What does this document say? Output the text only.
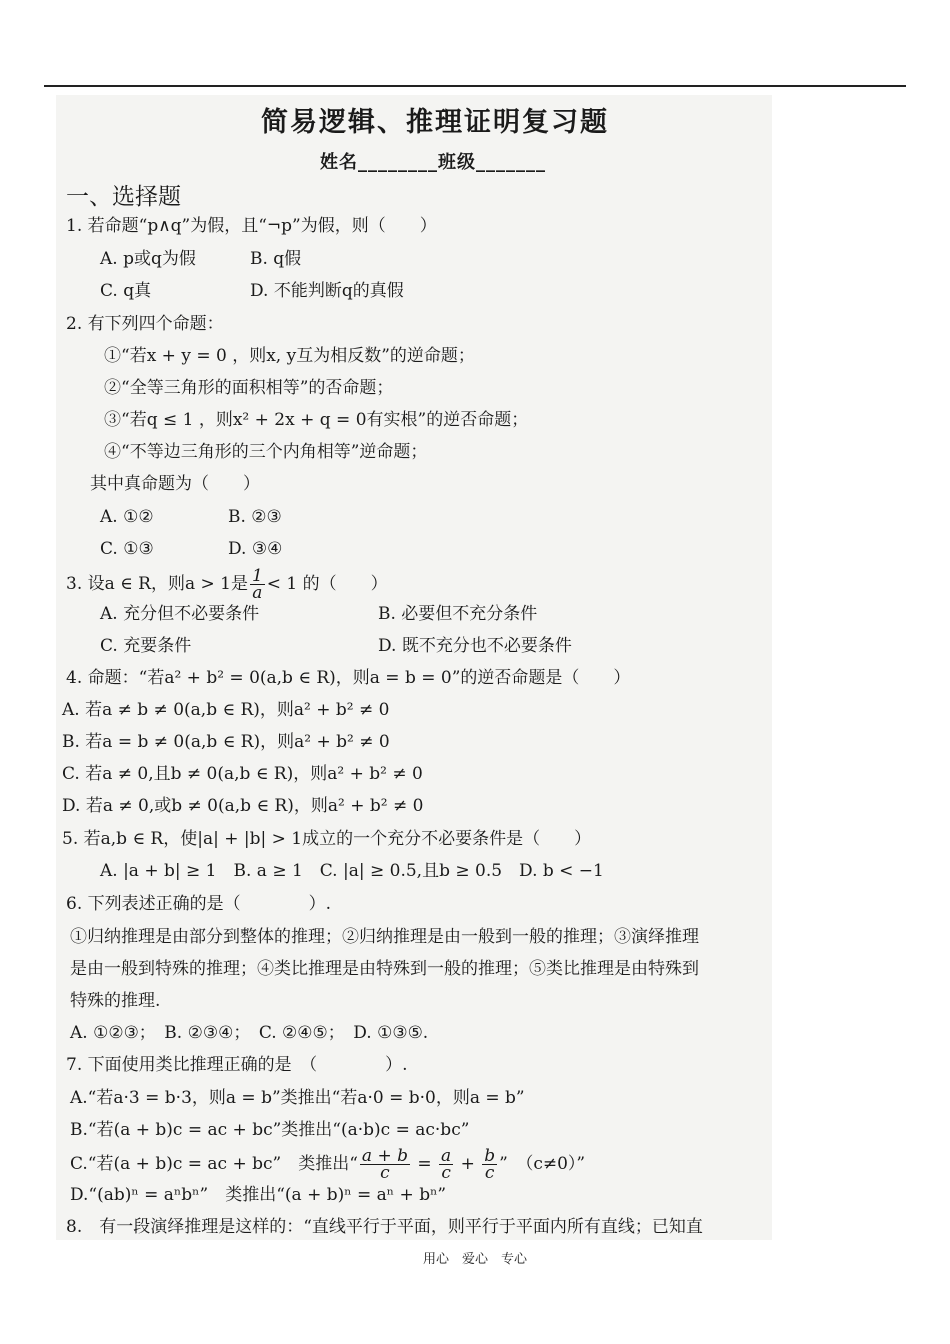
简易逻辑、推理证明复习题
姓名________班级_______
一、选择题
1. 若命题“p∧q”为假，且“¬p”为假，则（　　）
A. p或q为假	B. q假
C. q真	D. 不能判断q的真假
2. 有下列四个命题：
①“若x + y = 0 ，则x, y互为相反数”的逆命题；
②“全等三角形的面积相等”的否命题；
③“若q ≤ 1 ，则x² + 2x + q = 0有实根”的逆否命题；
④“不等边三角形的三个内角相等”逆命题；
其中真命题为（　　）
A. ①②	B. ②③
C. ①③	D. ③④
3. 设a ∈ R，则a > 1是 $\frac{1}{a} < 1$ 的（　　）
A. 充分但不必要条件	B. 必要但不充分条件
C. 充要条件	D. 既不充分也不必要条件
4. 命题：“若a² + b² = 0(a,b ∈ R)，则a = b = 0”的逆否命题是（　　）
A. 若a ≠ b ≠ 0(a,b ∈ R)，则a² + b² ≠ 0
B. 若a = b ≠ 0(a,b ∈ R)，则a² + b² ≠ 0
C. 若a ≠ 0,且b ≠ 0(a,b ∈ R)，则a² + b² ≠ 0
D. 若a ≠ 0,或b ≠ 0(a,b ∈ R)，则a² + b² ≠ 0
5. 若a,b ∈ R，使|a| + |b| > 1成立的一个充分不必要条件是（　　）
A. |a + b| ≥ 1　B. a ≥ 1　C. |a| ≥ 0.5,且b ≥ 0.5　D. b < −1
6. 下列表述正确的是（　　　　）.
①归纳推理是由部分到整体的推理；②归纳推理是由一般到一般的推理；③演绎推理
是由一般到特殊的推理；④类比推理是由特殊到一般的推理；⑤类比推理是由特殊到
特殊的推理.
A. ①②③；　B. ②③④；　C. ②④⑤；　D. ①③⑤.
7. 下面使用类比推理正确的是　（　　　　）.
A.“若a·3 = b·3，则a = b”类推出“若a·0 = b·0，则a = b”
B.“若(a + b)c = ac + bc”类推出“(a·b)c = ac·bc”
C.“若(a + b)c = ac + bc”　类推出“ $\frac{a + b}{c} = \frac{a}{c} + \frac{b}{c}$ ”　（c≠0）”
D.“(ab)ⁿ = aⁿbⁿ”　类推出“(a + b)ⁿ = aⁿ + bⁿ”
8.　有一段演绎推理是这样的：“直线平行于平面，则平行于平面内所有直线；已知直
用心　爱心　专心
